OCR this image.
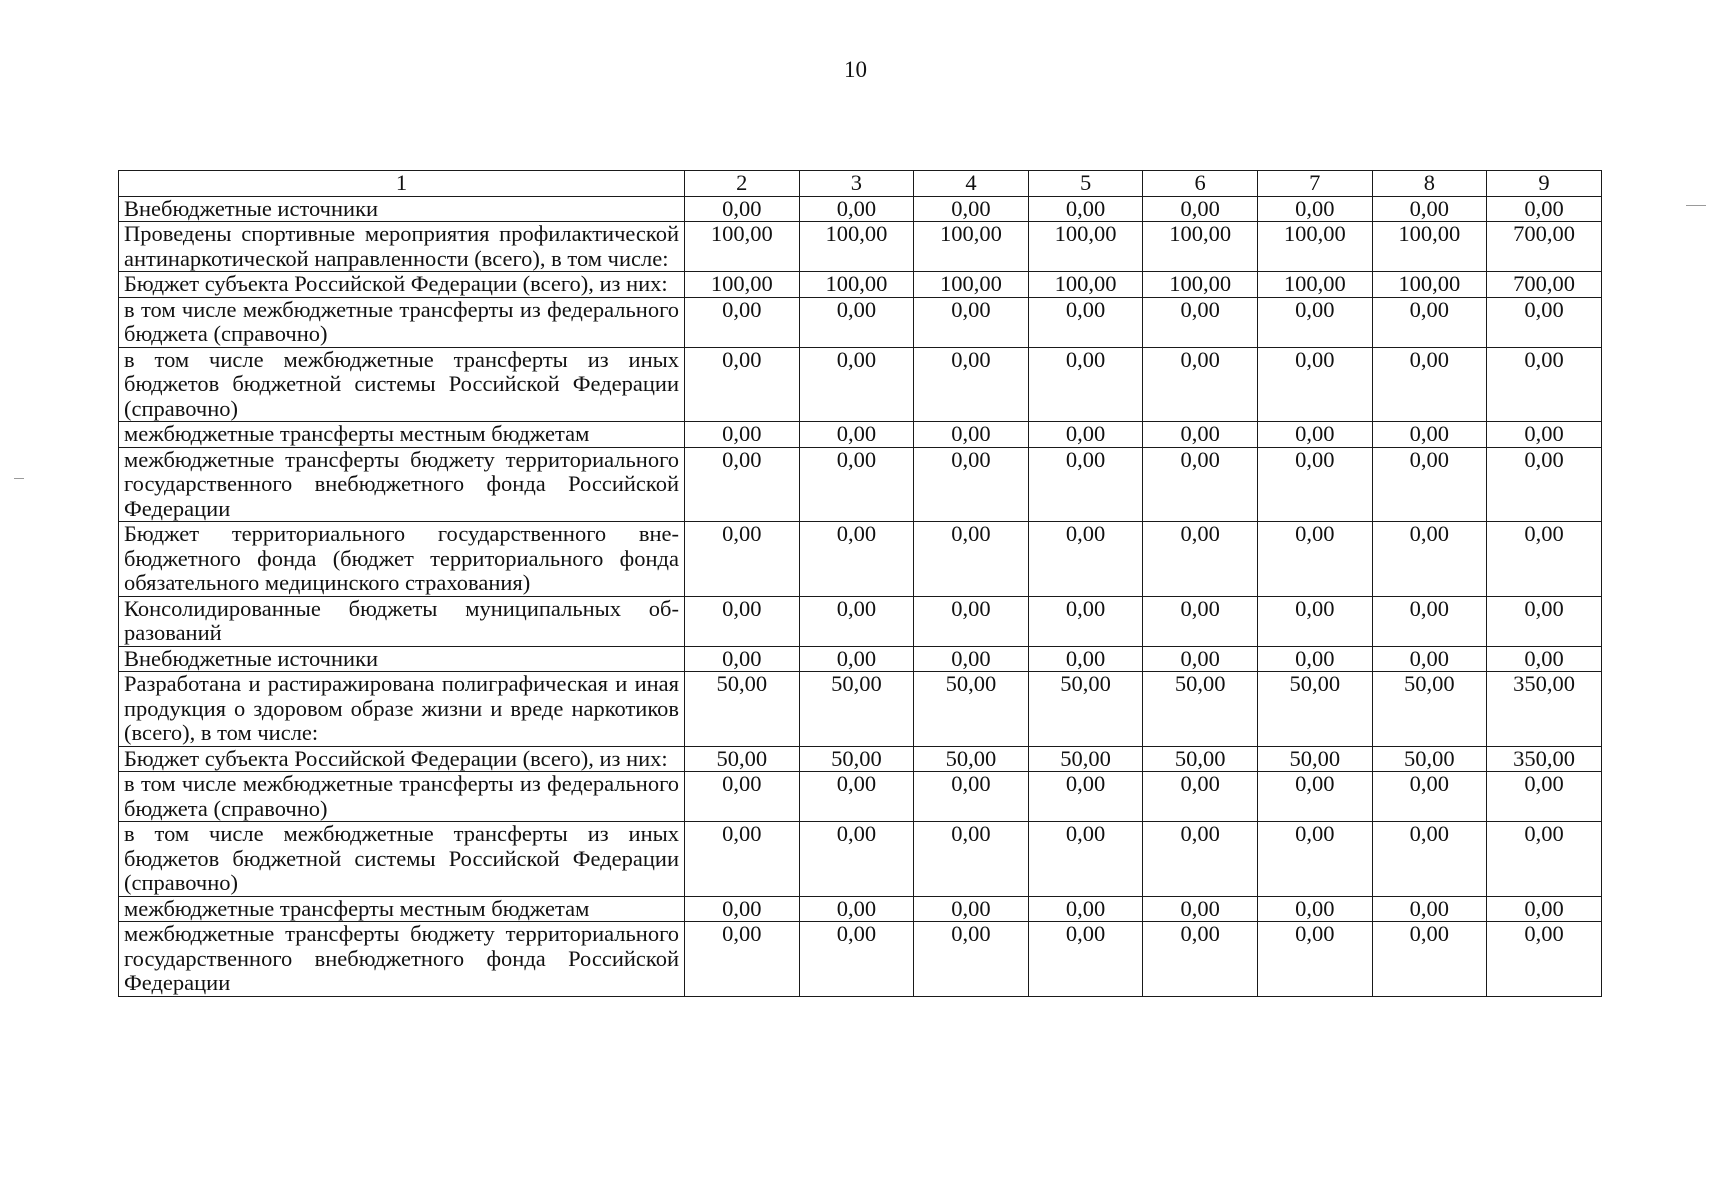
10
1	2	3	4	5	6	7	8	9
Внебюджетные источники	0,00	0,00	0,00	0,00	0,00	0,00	0,00	0,00
Проведены спортивные мероприятия профилактической антинаркотической направленности (всего), в том числе:	100,00	100,00	100,00	100,00	100,00	100,00	100,00	700,00
Бюджет субъекта Российской Федерации (всего), из них:	100,00	100,00	100,00	100,00	100,00	100,00	100,00	700,00
в том числе межбюджетные трансферты из федерального бюджета (справочно)	0,00	0,00	0,00	0,00	0,00	0,00	0,00	0,00
в том числе межбюджетные трансферты из иных бюджетов бюджетной системы Российской Федерации (справочно)	0,00	0,00	0,00	0,00	0,00	0,00	0,00	0,00
межбюджетные трансферты местным бюджетам	0,00	0,00	0,00	0,00	0,00	0,00	0,00	0,00
межбюджетные трансферты бюджету территориального государственного внебюджетного фонда Российской Федерации	0,00	0,00	0,00	0,00	0,00	0,00	0,00	0,00
Бюджет территориального государственного внебюджетного фонда (бюджет территориального фонда обязательного медицинского страхования)	0,00	0,00	0,00	0,00	0,00	0,00	0,00	0,00
Консолидированные бюджеты муниципальных образований	0,00	0,00	0,00	0,00	0,00	0,00	0,00	0,00
Внебюджетные источники	0,00	0,00	0,00	0,00	0,00	0,00	0,00	0,00
Разработана и растиражирована полиграфическая и иная продукция о здоровом образе жизни и вреде наркотиков (всего), в том числе:	50,00	50,00	50,00	50,00	50,00	50,00	50,00	350,00
Бюджет субъекта Российской Федерации (всего), из них:	50,00	50,00	50,00	50,00	50,00	50,00	50,00	350,00
в том числе межбюджетные трансферты из федерального бюджета (справочно)	0,00	0,00	0,00	0,00	0,00	0,00	0,00	0,00
в том числе межбюджетные трансферты из иных бюджетов бюджетной системы Российской Федерации (справочно)	0,00	0,00	0,00	0,00	0,00	0,00	0,00	0,00
межбюджетные трансферты местным бюджетам	0,00	0,00	0,00	0,00	0,00	0,00	0,00	0,00
межбюджетные трансферты бюджету территориального государственного внебюджетного фонда Российской Федерации	0,00	0,00	0,00	0,00	0,00	0,00	0,00	0,00
